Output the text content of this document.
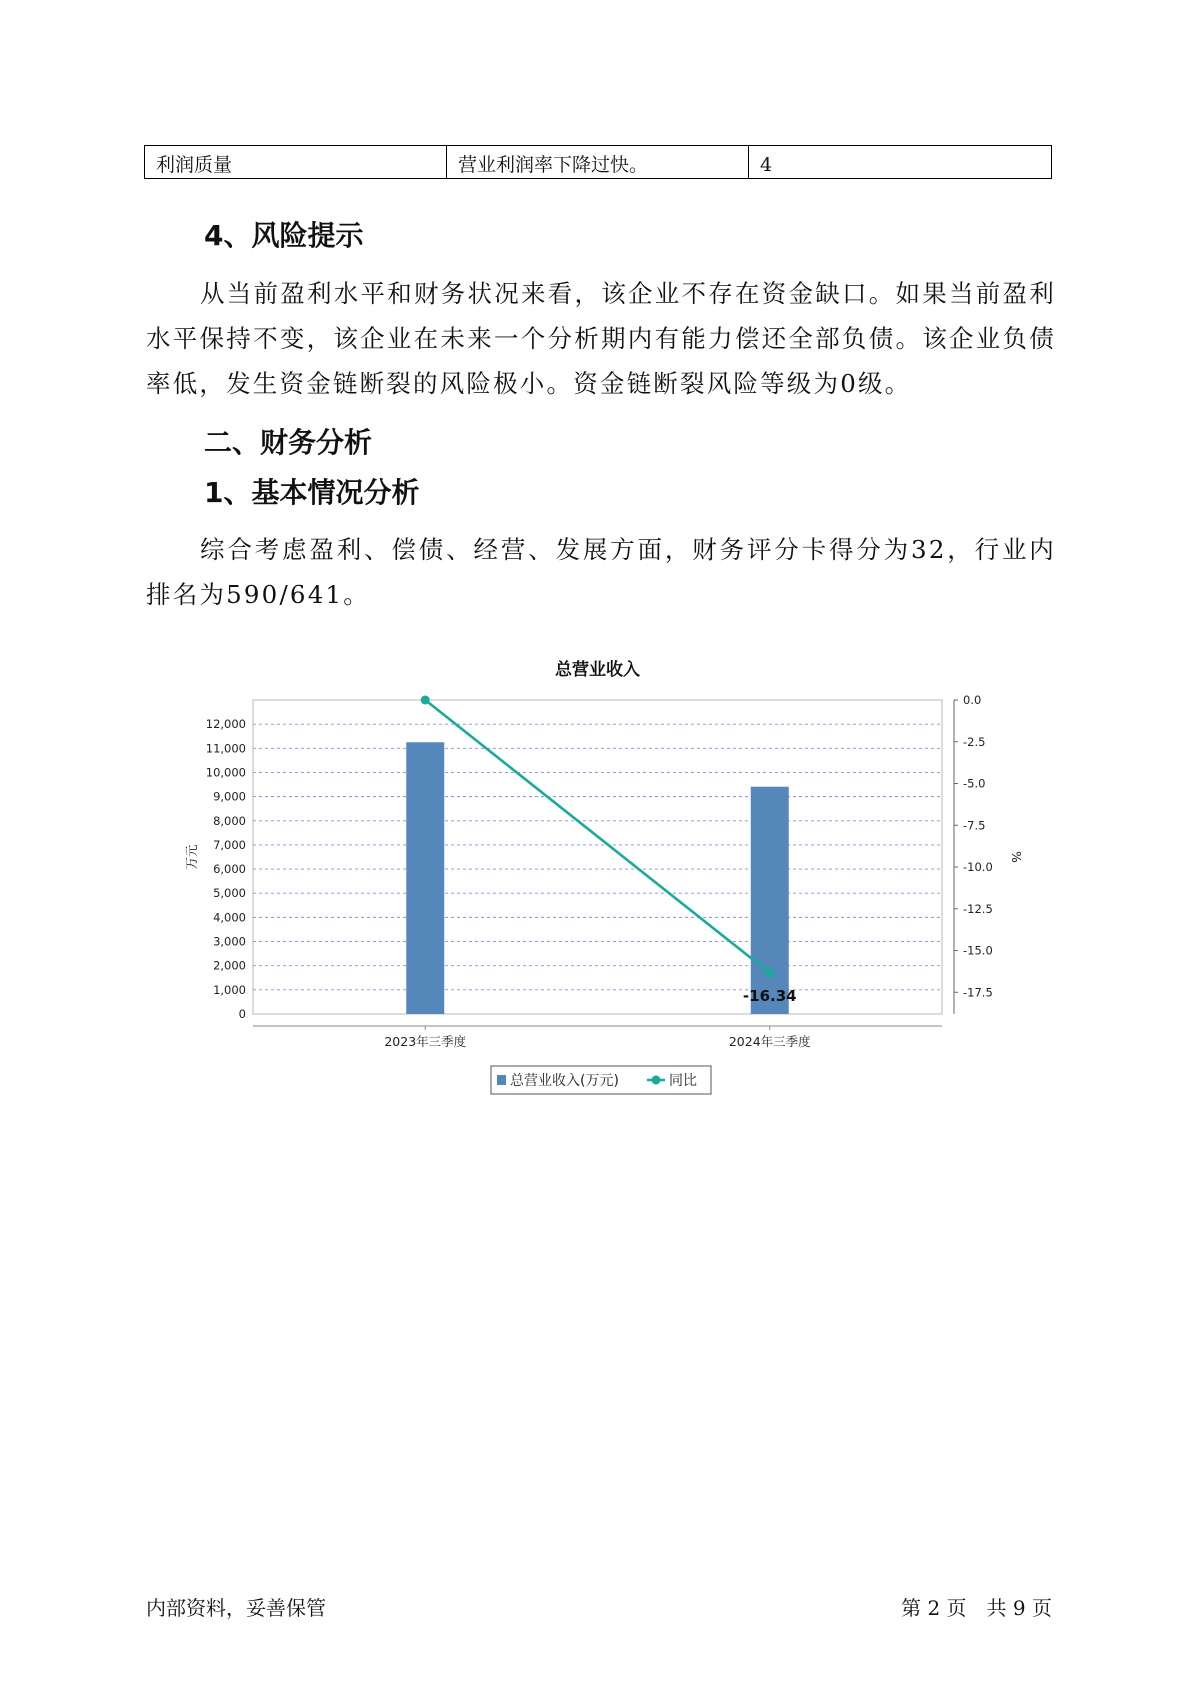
利润质量	营业利润率下降过快。	4
4、风险提示

从当前盈利水平和财务状况来看，该企业不存在资金缺口。如果当前盈利水平保持不变，该企业在未来一个分析期内有能力偿还全部负债。该企业负债率低，发生资金链断裂的风险极小。资金链断裂风险等级为0级。

二、财务分析
1、基本情况分析

综合考虑盈利、偿债、经营、发展方面，财务评分卡得分为32，行业内排名为590/641。

总营业收入
0
1,000
2,000
3,000
4,000
5,000
6,000
7,000
8,000
9,000
10,000
11,000
12,000
万元
0.0
-2.5
-5.0
-7.5
-10.0
-12.5
-15.0
-17.5
%
2023年三季度	2024年三季度
-16.34
总营业收入(万元)	同比
内部资料，妥善保管	第 2 页　共 9 页
